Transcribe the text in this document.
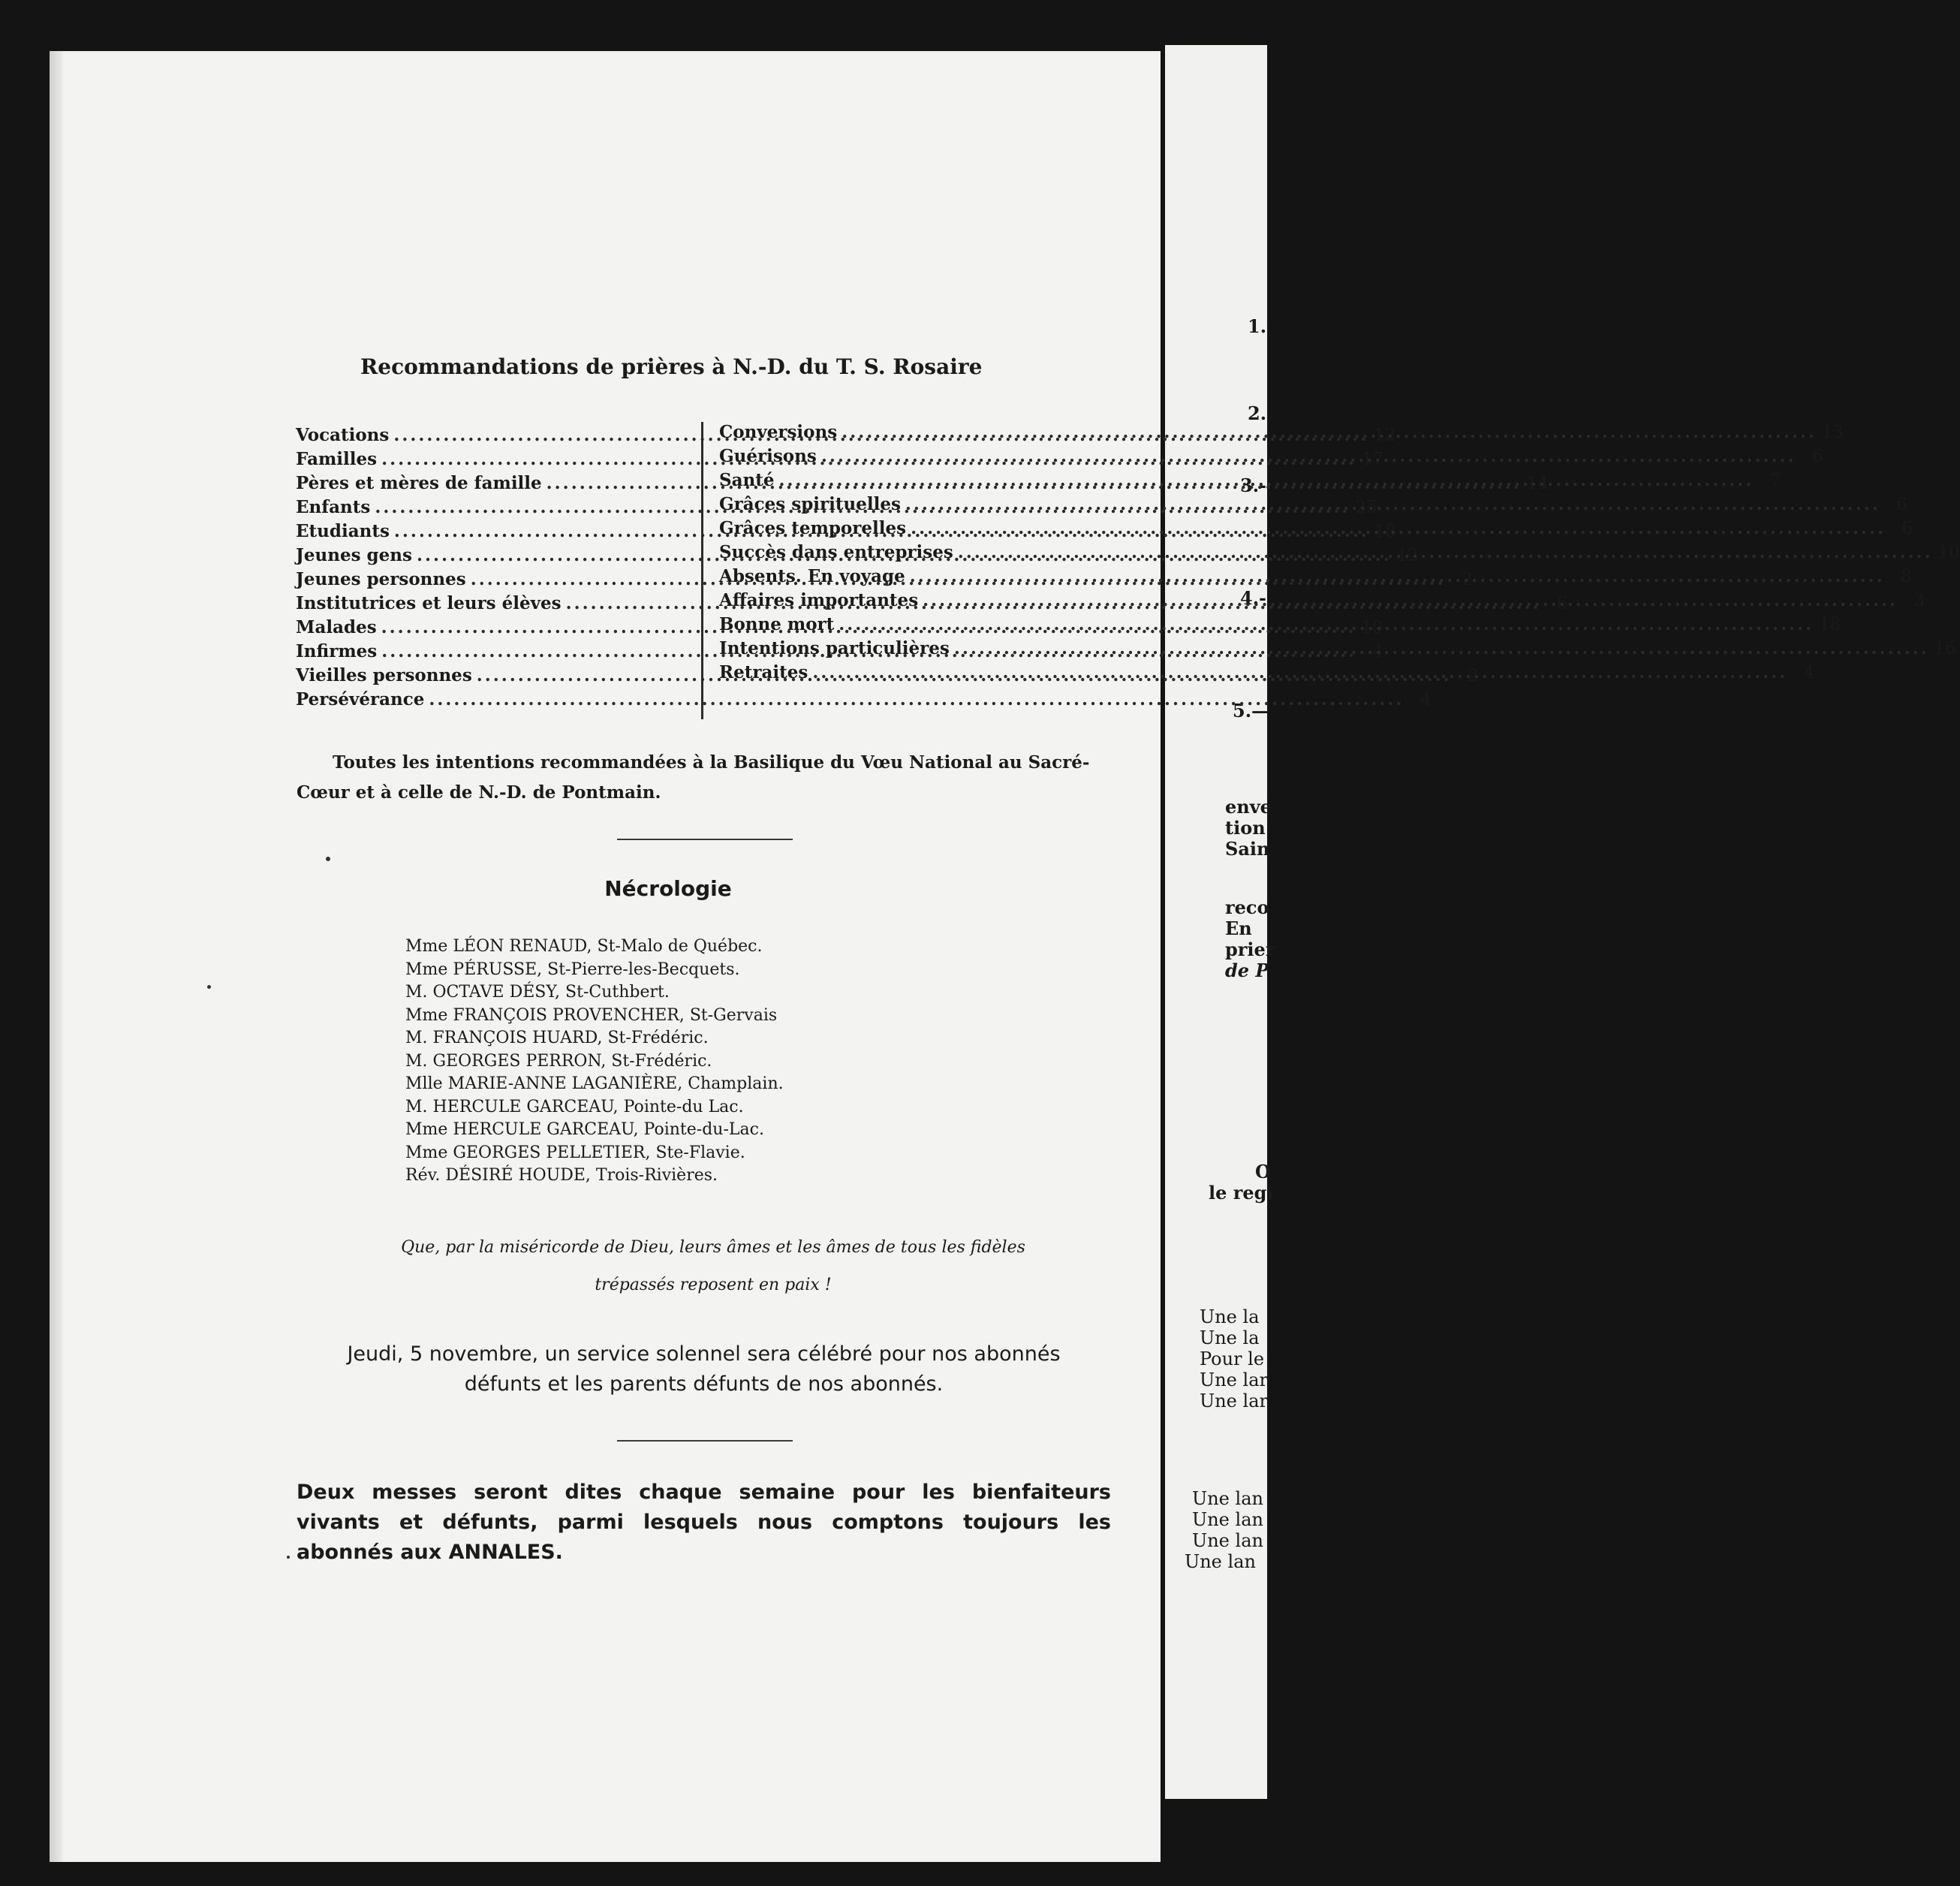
1.
2.
3.-
4.-
5.—
enve
tion
Sain
reco
En
prier
de P
O
le regi
Une la
Une la
Pour le
Une lar
Une lar
Une lan
Une lan
Une lan
Une lan
Recommandations de prières à N.-D. du T. S. Rosaire
Vocations .....	12
Familles .....	17
Pères et mères de famille .....	14
Enfants .....	25
Etudiants .....	18
Jeunes gens .....	12
Jeunes personnes .....	2
Institutrices et leurs élèves .....	6
Malades .....	10
Infirmes .....	4
Vieilles personnes .....	2
Persévérance .....	4
Conversions .....	13
Guérisons .....	6
Santé .....	7
Grâces spirituelles .....	6
Grâces temporelles .....	6
Succès dans entreprises .....	10
Absents. En voyage .....	8
Affaires importantes .....	3
Bonne mort .....	18
Intentions particulières .....	16
Retraites .....	4
Toutes les intentions recommandées à la Basilique du Vœu National au Sacré-Cœur et à celle de N.-D. de Pontmain.
Nécrologie
Mme LÉON RENAUD, St-Malo de Québec.
Mme PÉRUSSE, St-Pierre-les-Becquets.
M. OCTAVE DÉSY, St-Cuthbert.
Mme FRANÇOIS PROVENCHER, St-Gervais
M. FRANÇOIS HUARD, St-Frédéric.
M. GEORGES PERRON, St-Frédéric.
Mlle MARIE-ANNE LAGANIÈRE, Champlain.
M. HERCULE GARCEAU, Pointe-du Lac.
Mme HERCULE GARCEAU, Pointe-du-Lac.
Mme GEORGES PELLETIER, Ste-Flavie.
Rév. DÉSIRÉ HOUDE, Trois-Rivières.
Que, par la miséricorde de Dieu, leurs âmes et les âmes de tous les fidèles
trépassés reposent en paix !
Jeudi, 5 novembre, un service solennel sera célébré pour nos abonnés
défunts et les parents défunts de nos abonnés.
Deux messes seront dites chaque semaine pour les bienfaiteurs vivants et défunts, parmi lesquels nous comptons toujours les abonnés aux ANNALES.
